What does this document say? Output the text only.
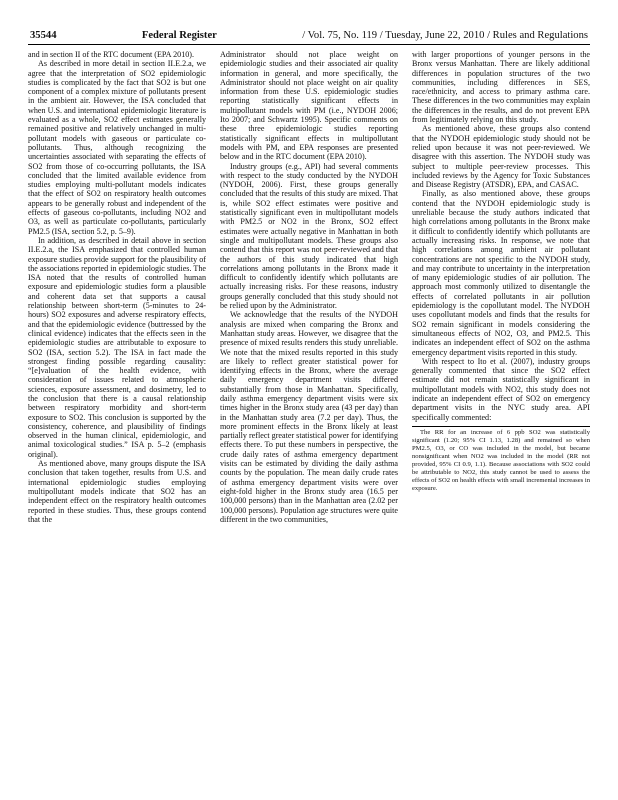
35544	Federal Register	/ Vol. 75, No. 119 / Tuesday, June 22, 2010 / Rules and Regulations

and in section II of the RTC document (EPA 2010).

As described in more detail in section II.E.2.a, we agree that the interpretation of SO2 epidemiologic studies is complicated by the fact that SO2 is but one component of a complex mixture of pollutants present in the ambient air. However, the ISA concluded that when U.S. and international epidemiologic literature is evaluated as a whole, SO2 effect estimates generally remained positive and relatively unchanged in multi-pollutant models with gaseous or particulate co-pollutants. Thus, although recognizing the uncertainties associated with separating the effects of SO2 from those of co-occurring pollutants, the ISA concluded that the limited available evidence from studies employing multi-pollutant models indicates that the effect of SO2 on respiratory health outcomes appears to be generally robust and independent of the effects of gaseous co-pollutants, including NO2 and O3, as well as particulate co-pollutants, particularly PM2.5 (ISA, section 5.2, p. 5–9).

In addition, as described in detail above in section II.E.2.a, the ISA emphasized that controlled human exposure studies provide support for the plausibility of the associations reported in epidemiologic studies. The ISA noted that the results of controlled human exposure and epidemiologic studies form a plausible and coherent data set that supports a causal relationship between short-term (5-minutes to 24-hours) SO2 exposures and adverse respiratory effects, and that the epidemiologic evidence (buttressed by the clinical evidence) indicates that the effects seen in the epidemiologic studies are attributable to exposure to SO2 (ISA, section 5.2). The ISA in fact made the strongest finding possible regarding causality: “[e]valuation of the health evidence, with consideration of issues related to atmospheric sciences, exposure assessment, and dosimetry, led to the conclusion that there is a causal relationship between respiratory morbidity and short-term exposure to SO2. This conclusion is supported by the consistency, coherence, and plausibility of findings observed in the human clinical, epidemiologic, and animal toxicological studies.” ISA p. 5–2 (emphasis original).

As mentioned above, many groups dispute the ISA conclusion that taken together, results from U.S. and international epidemiologic studies employing multipollutant models indicate that SO2 has an independent effect on the respiratory health outcomes reported in these studies. Thus, these groups contend that the

Administrator should not place weight on epidemiologic studies and their associated air quality information in general, and more specifically, the Administrator should not place weight on air quality information from these U.S. epidemiologic studies reporting statistically significant effects in multipollutant models with PM (i.e., NYDOH 2006; Ito 2007; and Schwartz 1995). Specific comments on these three epidemiologic studies reporting statistically significant effects in multipollutant models with PM, and EPA responses are presented below and in the RTC document (EPA 2010).

Industry groups (e.g., API) had several comments with respect to the study conducted by the NYDOH (NYDOH, 2006). First, these groups generally concluded that the results of this study are mixed. That is, while SO2 effect estimates were positive and statistically significant even in multipollutant models with PM2.5 or NO2 in the Bronx, SO2 effect estimates were actually negative in Manhattan in both single and multipollutant models. These groups also contend that this report was not peer-reviewed and that the authors of this study indicated that high correlations among pollutants in the Bronx made it difficult to confidently identify which pollutants are actually increasing risks. For these reasons, industry groups generally concluded that this study should not be relied upon by the Administrator.

We acknowledge that the results of the NYDOH analysis are mixed when comparing the Bronx and Manhattan study areas. However, we disagree that the presence of mixed results renders this study unreliable. We note that the mixed results reported in this study are likely to reflect greater statistical power for identifying effects in the Bronx, where the average daily emergency department visits differed substantially from those in Manhattan. Specifically, daily asthma emergency department visits were six times higher in the Bronx study area (43 per day) than in the Manhattan study area (7.2 per day). Thus, the more prominent effects in the Bronx likely at least partially reflect greater statistical power for identifying effects there. To put these numbers in perspective, the crude daily rates of asthma emergency department visits can be estimated by dividing the daily asthma counts by the population. The mean daily crude rates of asthma emergency department visits were over eight-fold higher in the Bronx study area (16.5 per 100,000 persons) than in the Manhattan area (2.02 per 100,000 persons). Population age structures were quite different in the two communities,

with larger proportions of younger persons in the Bronx versus Manhattan. There are likely additional differences in population structures of the two communities, including differences in SES, race/ethnicity, and access to primary asthma care. These differences in the two communities may explain the differences in the results, and do not prevent EPA from legitimately relying on this study.

As mentioned above, these groups also contend that the NYDOH epidemiologic study should not be relied upon because it was not peer-reviewed. We disagree with this assertion. The NYDOH study was subject to multiple peer-review processes. This included reviews by the Agency for Toxic Substances and Disease Registry (ATSDR), EPA, and CASAC.

Finally, as also mentioned above, these groups contend that the NYDOH epidemiologic study is unreliable because the study authors indicated that high correlations among pollutants in the Bronx make it difficult to confidently identify which pollutants are actually increasing risks. In response, we note that high correlations among ambient air pollutant concentrations are not specific to the NYDOH study, and may contribute to uncertainty in the interpretation of many epidemiologic studies of air pollution. The approach most commonly utilized to disentangle the effects of correlated pollutants in air pollution epidemiology is the copollutant model. The NYDOH uses copollutant models and finds that the results for SO2 remain significant in models considering the simultaneous effects of NO2, O3, and PM2.5. This indicates an independent effect of SO2 on the asthma emergency department visits reported in this study.

With respect to Ito et al. (2007), industry groups generally commented that since the SO2 effect estimate did not remain statistically significant in multipollutant models with NO2, this study does not indicate an independent effect of SO2 on emergency department visits in the NYC study area. API specifically commented:

The RR for an increase of 6 ppb SO2 was statistically significant (1.20; 95% CI 1.13, 1.28) and remained so when PM2.5, O3, or CO was included in the model, but became nonsignificant when NO2 was included in the model (RR not provided, 95% CI 0.9, 1.1). Because associations with SO2 could be attributable to NO2, this study cannot be used to assess the effects of SO2 on health effects with small incremental increases in exposure.
